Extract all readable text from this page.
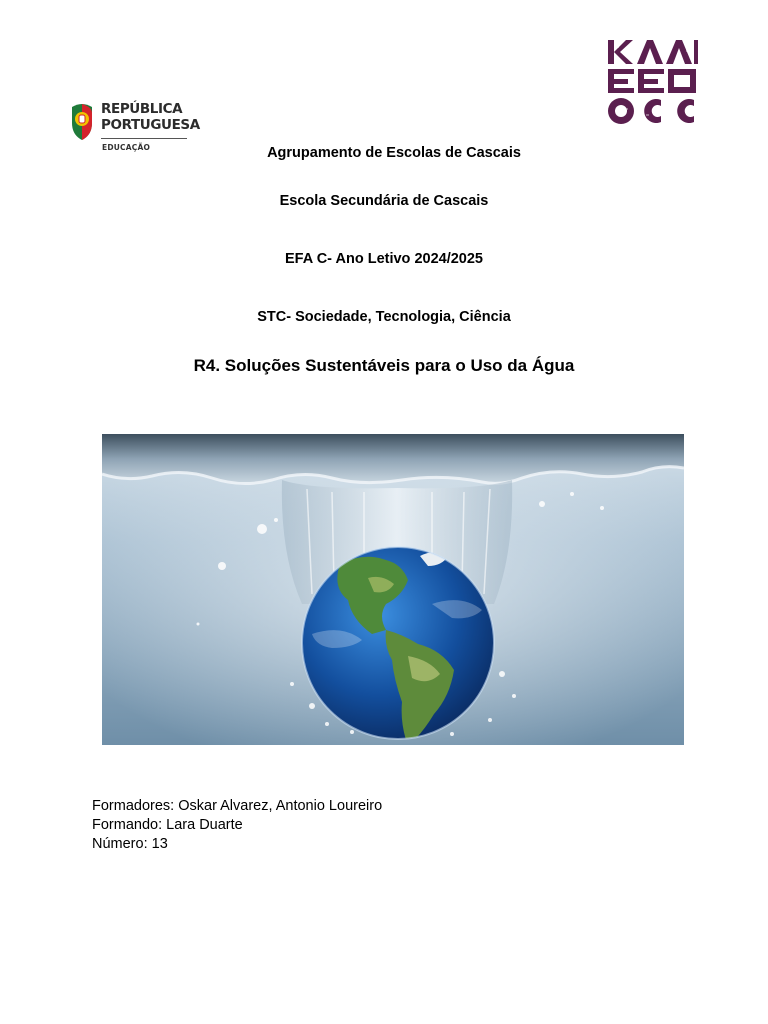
REPÚBLICA
PORTUGUESA
EDUCAÇÃO	Agrupamento de Escolas de Cascais
Escola Secundária de Cascais
EFA C- Ano Letivo 2024/2025
STC- Sociedade, Tecnologia, Ciência
R4. Soluções Sustentáveis para o Uso da Água
Formadores: Oskar Alvarez, Antonio Loureiro
Formando: Lara Duarte
Número: 13
